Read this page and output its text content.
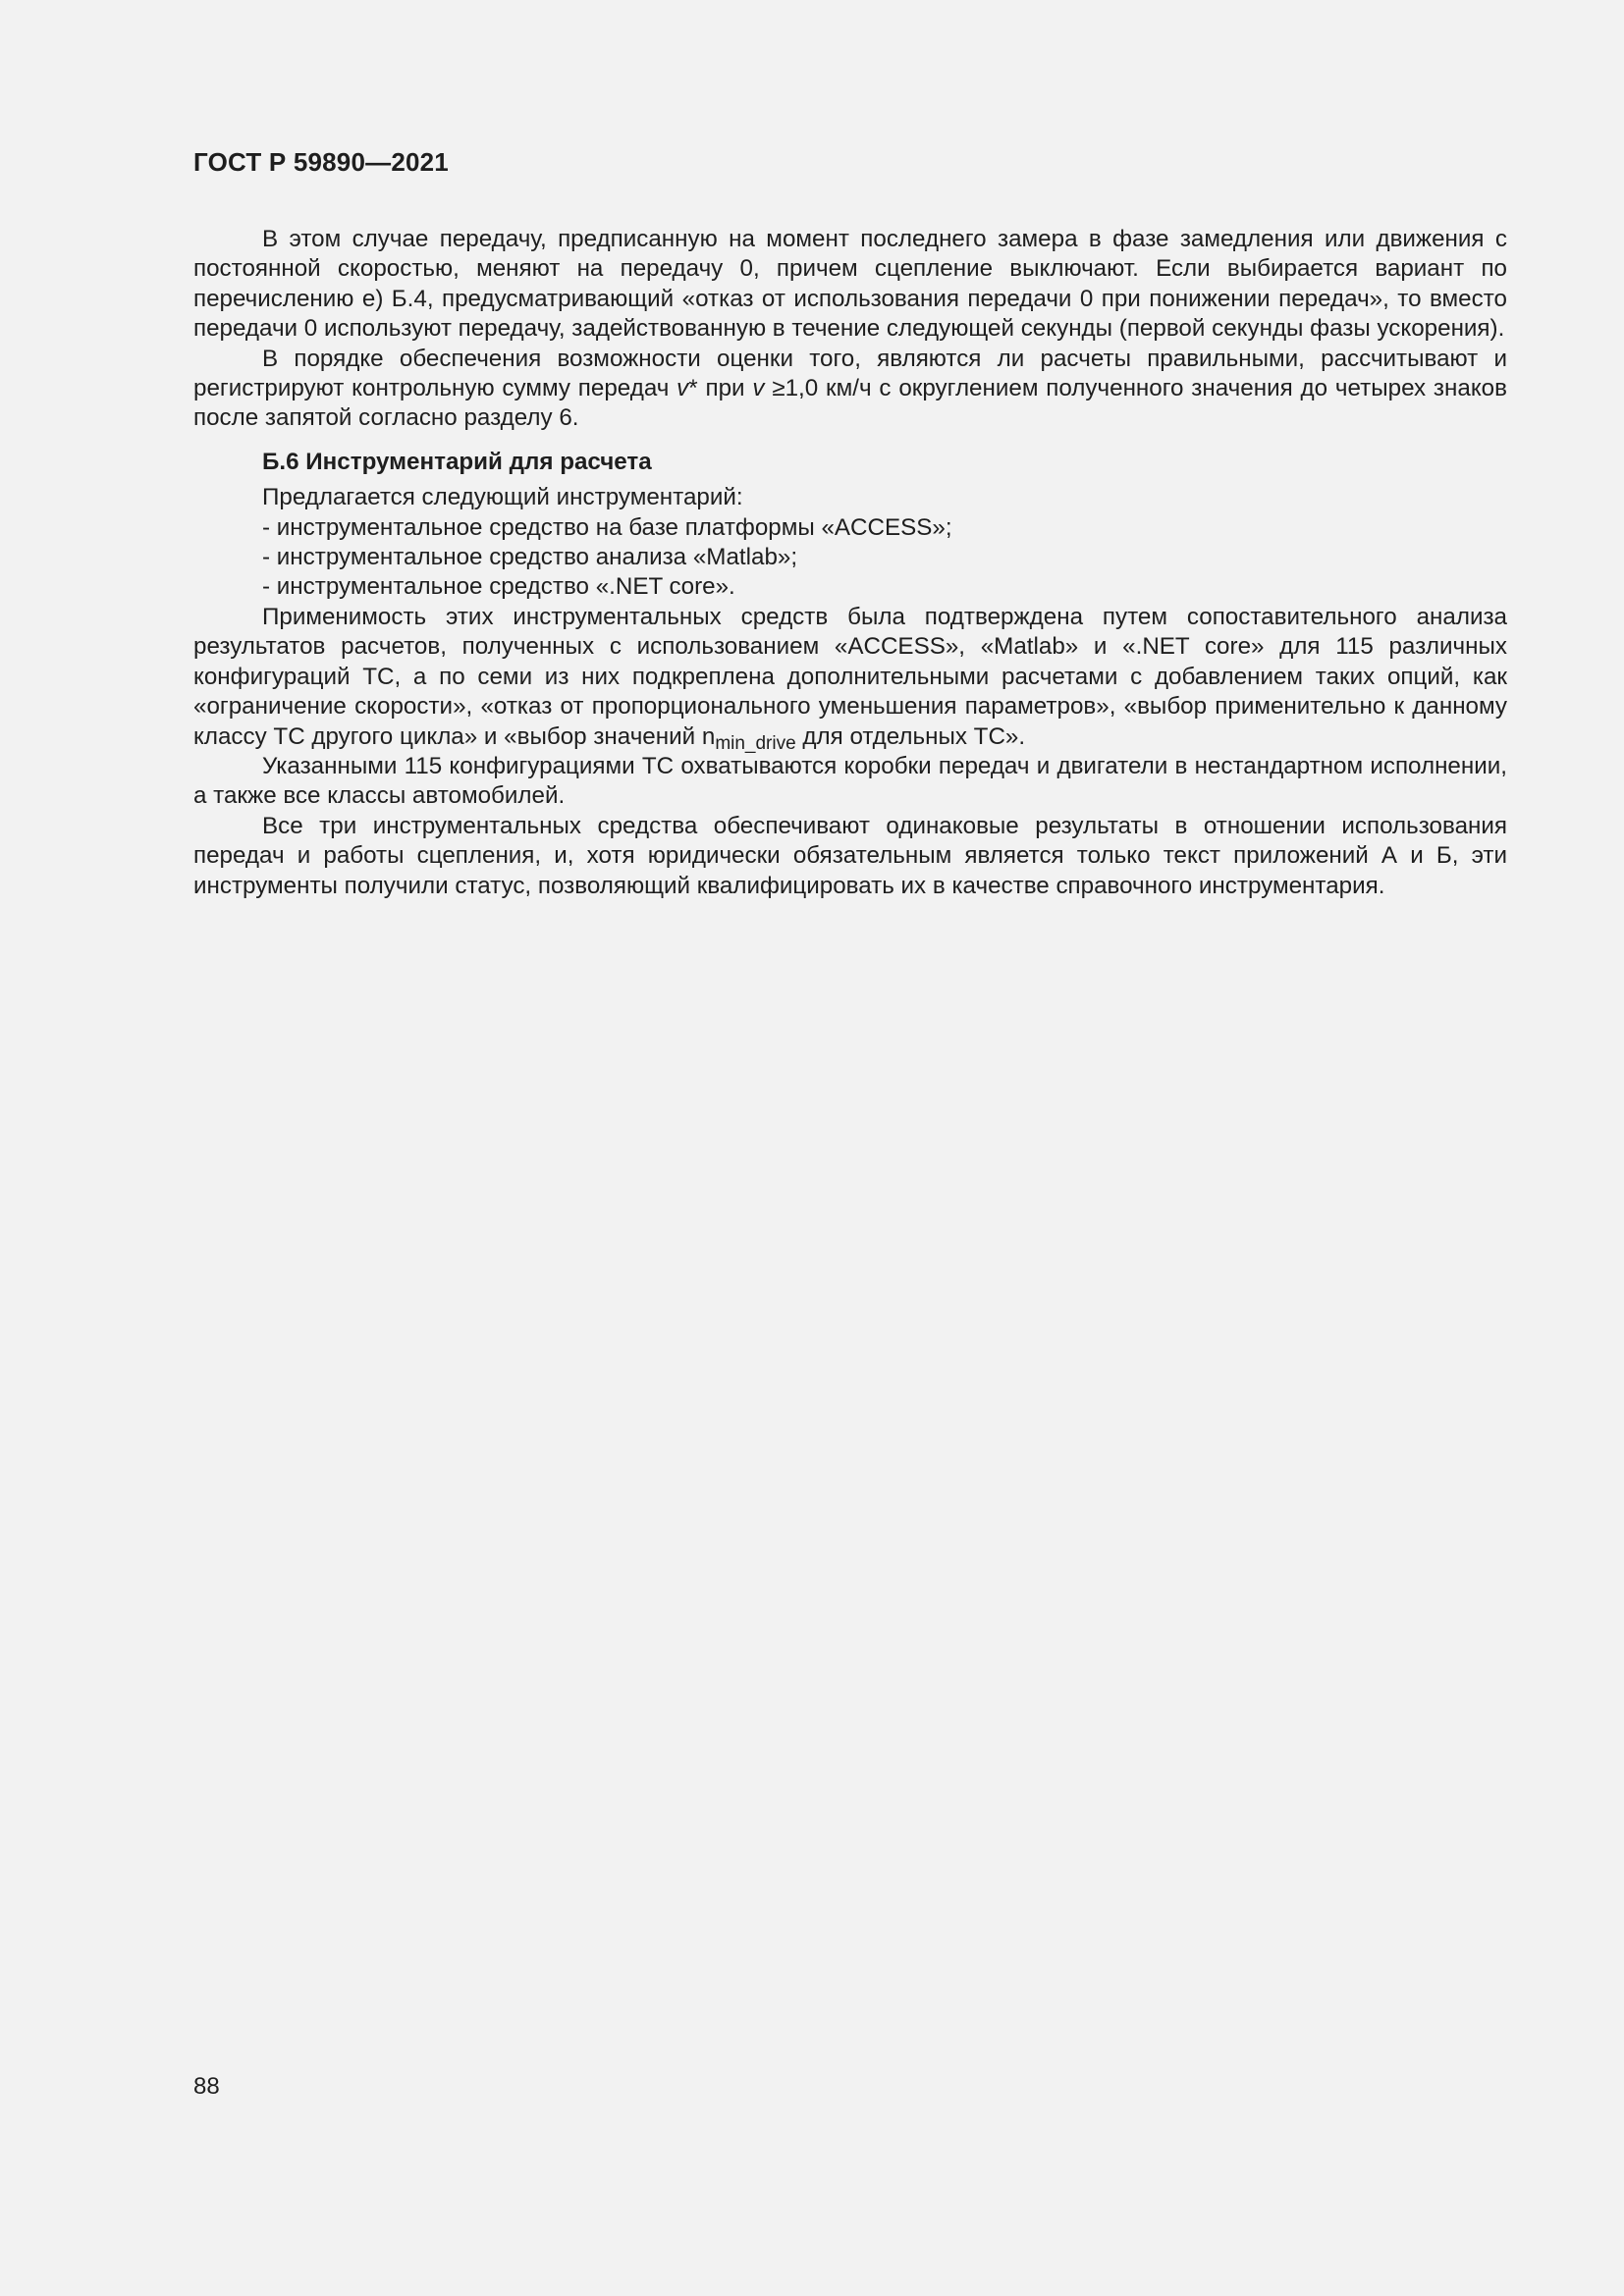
ГОСТ Р 59890—2021

В этом случае передачу, предписанную на момент последнего замера в фазе замедления или движения с постоянной скоростью, меняют на передачу 0, причем сцепление выключают. Если выбирается вариант по перечислению е) Б.4, предусматривающий «отказ от использования передачи 0 при понижении передач», то вместо передачи 0 используют передачу, задействованную в течение следующей секунды (первой секунды фазы ускорения).

В порядке обеспечения возможности оценки того, являются ли расчеты правильными, рассчитывают и регистрируют контрольную сумму передач v* при v ≥1,0 км/ч с округлением полученного значения до четырех знаков после запятой согласно разделу 6.

Б.6 Инструментарий для расчета

Предлагается следующий инструментарий:

- инструментальное средство на базе платформы «ACCESS»;

- инструментальное средство анализа «Matlab»;

- инструментальное средство «.NET core».

Применимость этих инструментальных средств была подтверждена путем сопоставительного анализа результатов расчетов, полученных с использованием «ACCESS», «Matlab» и «.NET core» для 115 различных конфигураций ТС, а по семи из них подкреплена дополнительными расчетами с добавлением таких опций, как «ограничение скорости», «отказ от пропорционального уменьшения параметров», «выбор применительно к данному классу ТС другого цикла» и «выбор значений $n_{min\_drive}$ для отдельных ТС».

Указанными 115 конфигурациями ТС охватываются коробки передач и двигатели в нестандартном исполнении, а также все классы автомобилей.

Все три инструментальных средства обеспечивают одинаковые результаты в отношении использования передач и работы сцепления, и, хотя юридически обязательным является только текст приложений А и Б, эти инструменты получили статус, позволяющий квалифицировать их в качестве справочного инструментария.

88
